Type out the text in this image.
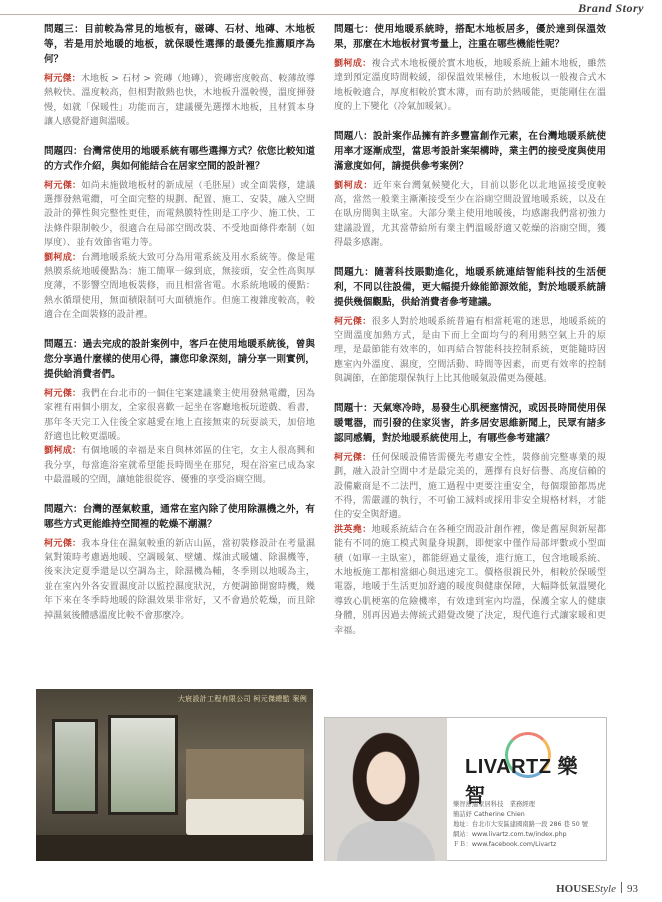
Brand Story

問題三：目前較為常見的地板有，磁磚、石材、地磚、木地板等，若是用於地暖的地板，就保暖性選擇的最優先推薦順序為何？

柯元傑：木地板 > 石材 > 瓷磚（地磚），瓷磚密度較高、較薄故導熱較快、溫度較高，但相對散熱也快，木地板升溫較慢，溫度揮發慢，如就「保暖性」功能而言，建議優先選擇木地板，且材質本身讓人感覺舒適與溫暖。

問題四：台灣常使用的地暖系統有哪些選擇方式？依您比較知道的方式作介紹，與如何能結合在居家空間的設計裡？

柯元傑：如尚未施做地板材的新成屋（毛胚屋）或全面裝修，建議選擇發熱電纜，可全面完整的規劃、配置、施工、安裝，融入空間設計的彈性與完整性更佳，而電熱膜特性則是工序少、施工快、工法條件限制較少，很適合在局部空間改裝、不受地面條件牽制（如厚度）、並有效節省電力等。

劉柯成：台灣地暖系統大致可分為用電系統及用水系統等。像是電熱膜系統地暖優點為：施工簡單一線到底，無接頭，安全性高與厚度薄，不影響空間地板裝修，而且相當省電。水系統地暖的優點：熱水循環使用，無面積限制可大面積施作。但施工複雜度較高，較適合在全面裝修的設計裡。

問題五：過去完成的設計案例中，客戶在使用地暖系統後，曾與您分享過什麼樣的使用心得，讓您印象深刻，請分享一則實例，提供給消費者們。

柯元傑：我們在台北市的一個住宅案建議業主使用發熱電纜，因為家裡有兩個小朋友，全家很喜歡一起坐在客廳地板玩遊戲、看書，那年冬天完工入住後全家越愛在地上直接無束的玩耍談天，加倍地舒適也比較更溫暖。

劉柯成：有個地暖的幸福是來自與林郊區的住宅，女主人很高興和我分享，每當進浴室就希望能長時間坐在那兒，現在浴室已成為家中最溫暖的空間，讓她能很從容、優雅的享受浴廁空間。

問題六：台灣的溼氣較重，通常在室內除了使用除濕機之外，有哪些方式更能維持空間裡的乾燥不潮濕？

柯元傑：我本身住在濕氣較重的新店山區，當初裝修設計在考量濕氣對策時考慮過地暖、空調暖氣、壁爐、煤油式暖爐、除濕機等，後來決定夏季還是以空調為主，除濕機為輔，冬季則以地暖為主，並在室內外各安置濕度計以監控濕度狀況，方便調節開窗時機，幾年下來在冬季時地暖的除濕效果非常好，又不會過於乾燥，而且除掉濕氣後體感溫度比較不會那麼冷。

問題七：使用地暖系統時，搭配木地板居多，優於達到保溫效果，那麼在木地板材質考量上，注重在哪些機能性呢？

劉柯成：複合式木地板優於實木地板，地暖系統上鋪木地板，雖然達到預定溫度時間較緩，卻保溫效果極佳，木地板以一般複合式木地板較適合，厚度相較於實木薄，而有助於熱暖能，更能剛住在溫度的上下變化（冷氣加暖氣）。

問題八：設計案作品擁有許多豐富創作元素，在台灣地暖系統使用率才逐漸成型，當思考設計案架構時，業主們的接受度與使用滿意度如何，請提供參考案例？

劉柯成：近年來台灣氣候變化大，目前以影化以北地區接受度較高，當然一般業主漸漸接受至少在浴廁空間設置地暖系統，以及在在臥房間與主臥室。大部分業主使用地暖後，均感謝我們當初強力建議設置，尤其當帶給所有業主們溫暖舒適又乾燥的浴廁空間，獲得最多感謝。

問題九：隨著科技賬動進化，地暖系統連結智能科技的生活便利，不同以往設備，更大幅提升綠能節源效能，對於地暖系統請提供幾個觀點，供給消費者參考建議。

柯元傑：很多人對於地暖系統普遍有相當耗電的迷思，地暖系統的空間溫度加熱方式，是由下而上全面均勻的利用熱空氣上升的原理，是最節能有效率的，如再結合智能科技控制系統，更能隨時因應室內外溫度、濕度，空間活動、時間等因素，而更有效率的控制與調節，在節能環保執行上比其他暖氣設備更為優越。

問題十：天氣寒冷時，易發生心肌梗塞情況，或因長時間使用保暖電器，而引發的住家災害，許多居安思維新聞上，民眾有諸多認同感觸，對於地暖系統使用上，有哪些參考建議？

柯元傑：任何保暖設備皆需優先考慮安全性，裝修前完整專業的規劃，融入設計空間中才是最完美的，選擇有良好信譽、高度信賴的設備廠商是不二法門，施工過程中更要注重安全，每個環節都馬虎不得，需嚴謹的執行，不可偷工減料或採用非安全規格材料，才能住的安全與舒適。

洪英堯：地暖系統結合在各種空間設計創作裡，像是舊屋與新屋都能有不同的施工模式與量身規劃，即便家中僅作局部坪數或小型面積（如單一主臥室），都能經過丈量後，進行施工，包含地暖系統、木地板施工都相當細心與迅速完工。價格很親民外，相較於保暖型電器，地暖于生活更加舒適的暖度與健康保障，大幅降低氣溫變化導致心肌梗塞的危險機率，有效達到室內均溫，保護全家人的健康身體，別再因過去傳統式錯覺改變了決定，現代進行式讓家暖和更幸福。

大宸設計工程有限公司 柯元傑總監 案例
LIVARTZ 樂智
樂智舒適家居科技　業務經理
簡詰妤 Catherine Chien
地址：台北市大安區建國南路一段 286 巷 50 號
網站：www.livartz.com.tw/index.php
ＦＢ：www.facebook.com/Livartz
HOUSEStyle 93
